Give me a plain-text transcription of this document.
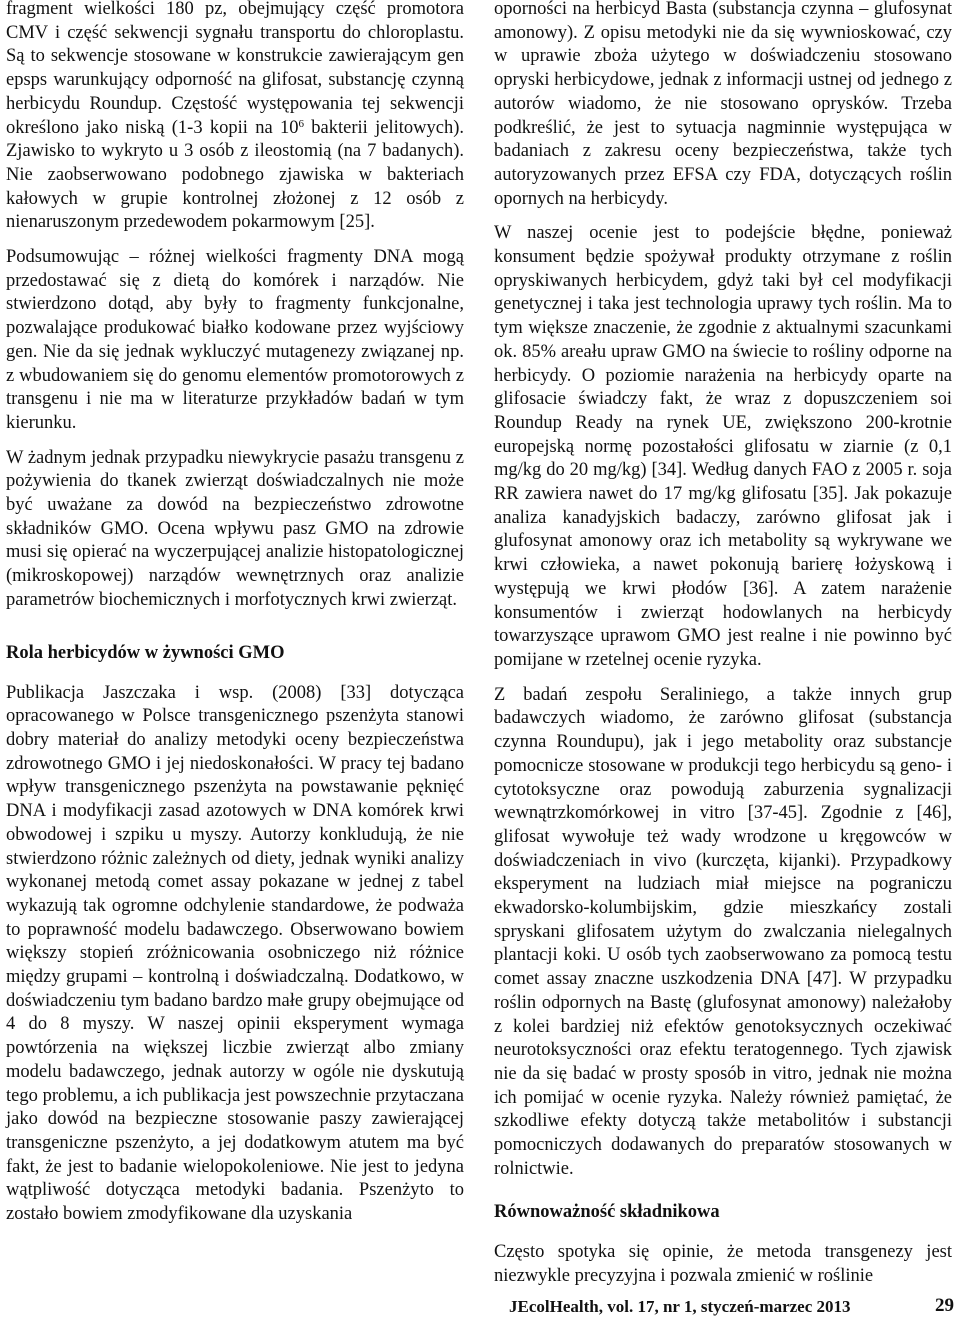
fragment wielkości 180 pz, obejmujący część promotora CMV i część sekwencji sygnału transportu do chloroplastu. Są to sekwencje stosowane w konstrukcie zawierającym gen epsps warunkujący odporność na glifosat, substancję czynną herbicydu Roundup. Częstość występowania tej sekwencji określono jako niską (1-3 kopii na $10^6$ bakterii jelitowych). Zjawisko to wykryto u 3 osób z ileostomią (na 7 badanych). Nie zaobserwowano podobnego zjawiska w bakteriach kałowych w grupie kontrolnej złożonej z 12 osób z nienaruszonym przedewodem pokarmowym [25].

Podsumowując – różnej wielkości fragmenty DNA mogą przedostawać się z dietą do komórek i narządów. Nie stwierdzono dotąd, aby były to fragmenty funkcjonalne, pozwalające produkować białko kodowane przez wyjściowy gen. Nie da się jednak wykluczyć mutagenezy związanej np. z wbudowaniem się do genomu elementów promotorowych z transgenu i nie ma w literaturze przykładów badań w tym kierunku.

W żadnym jednak przypadku niewykrycie pasażu transgenu z pożywienia do tkanek zwierząt doświadczalnych nie może być uważane za dowód na bezpieczeństwo zdrowotne składników GMO. Ocena wpływu pasz GMO na zdrowie musi się opierać na wyczerpującej analizie histopatologicznej (mikroskopowej) narządów wewnętrznych oraz analizie parametrów biochemicznych i morfotycznych krwi zwierząt.

Rola herbicydów w żywności GMO

Publikacja Jaszczaka i wsp. (2008) [33] dotycząca opracowanego w Polsce transgenicznego pszenżyta stanowi dobry materiał do analizy metodyki oceny bezpieczeństwa zdrowotnego GMO i jej niedoskonałości. W pracy tej badano wpływ transgenicznego pszenżyta na powstawanie pęknięć DNA i modyfikacji zasad azotowych w DNA komórek krwi obwodowej i szpiku u myszy. Autorzy konkludują, że nie stwierdzono różnic zależnych od diety, jednak wyniki analizy wykonanej metodą comet assay pokazane w jednej z tabel wykazują tak ogromne odchylenie standardowe, że podważa to poprawność modelu badawczego. Obserwowano bowiem większy stopień zróżnicowania osobniczego niż różnice między grupami – kontrolną i doświadczalną. Dodatkowo, w doświadczeniu tym badano bardzo małe grupy obejmujące od 4 do 8 myszy. W naszej opinii eksperyment wymaga powtórzenia na większej liczbie zwierząt albo zmiany modelu badawczego, jednak autorzy w ogóle nie dyskutują tego problemu, a ich publikacja jest powszechnie przytaczana jako dowód na bezpieczne stosowanie paszy zawierającej transgeniczne pszenżyto, a jej dodatkowym atutem ma być fakt, że jest to badanie wielopokoleniowe. Nie jest to jedyna wątpliwość dotycząca metodyki badania. Pszenżyto to zostało bowiem zmodyfikowane dla uzyskania

oporności na herbicyd Basta (substancja czynna – glufosynat amonowy). Z opisu metodyki nie da się wywnioskować, czy w uprawie zboża użytego w doświadczeniu stosowano opryski herbicydowe, jednak z informacji ustnej od jednego z autorów wiadomo, że nie stosowano oprysków. Trzeba podkreślić, że jest to sytuacja nagminnie występująca w badaniach z zakresu oceny bezpieczeństwa, także tych autoryzowanych przez EFSA czy FDA, dotyczących roślin opornych na herbicydy.

W naszej ocenie jest to podejście błędne, ponieważ konsument będzie spożywał produkty otrzymane z roślin opryskiwanych herbicydem, gdyż taki był cel modyfikacji genetycznej i taka jest technologia uprawy tych roślin. Ma to tym większe znaczenie, że zgodnie z aktualnymi szacunkami ok. 85% areału upraw GMO na świecie to rośliny odporne na herbicydy. O poziomie narażenia na herbicydy oparte na glifosacie świadczy fakt, że wraz z dopuszczeniem soi Roundup Ready na rynek UE, zwiększono 200-krotnie europejską normę pozostałości glifosatu w ziarnie (z 0,1 mg/kg do 20 mg/kg) [34]. Według danych FAO z 2005 r. soja RR zawiera nawet do 17 mg/kg glifosatu [35]. Jak pokazuje analiza kanadyjskich badaczy, zarówno glifosat jak i glufosynat amonowy oraz ich metabolity są wykrywane we krwi człowieka, a nawet pokonują barierę łożyskową i występują we krwi płodów [36]. A zatem narażenie konsumentów i zwierząt hodowlanych na herbicydy towarzyszące uprawom GMO jest realne i nie powinno być pomijane w rzetelnej ocenie ryzyka.

Z badań zespołu Seraliniego, a także innych grup badawczych wiadomo, że zarówno glifosat (substancja czynna Roundupu), jak i jego metabolity oraz substancje pomocnicze stosowane w produkcji tego herbicydu są geno- i cytotoksyczne oraz powodują zaburzenia sygnalizacji wewnątrzkomórkowej in vitro [37-45]. Zgodnie z [46], glifosat wywołuje też wady wrodzone u kręgowców w doświadczeniach in vivo (kurczęta, kijanki). Przypadkowy eksperyment na ludziach miał miejsce na pograniczu ekwadorsko-kolumbijskim, gdzie mieszkańcy zostali spryskani glifosatem użytym do zwalczania nielegalnych plantacji koki. U osób tych zaobserwowano za pomocą testu comet assay znaczne uszkodzenia DNA [47]. W przypadku roślin odpornych na Bastę (glufosynat amonowy) należałoby z kolei bardziej niż efektów genotoksycznych oczekiwać neurotoksyczności oraz efektu teratogennego. Tych zjawisk nie da się badać w prosty sposób in vitro, jednak nie można ich pomijać w ocenie ryzyka. Należy również pamiętać, że szkodliwe efekty dotyczą także metabolitów i substancji pomocniczych dodawanych do preparatów stosowanych w rolnictwie.

Równoważność składnikowa

Często spotyka się opinie, że metoda transgenezy jest niezwykle precyzyjna i pozwala zmienić w roślinie

JEcolHealth, vol. 17, nr 1, styczeń-marzec 2013	29
